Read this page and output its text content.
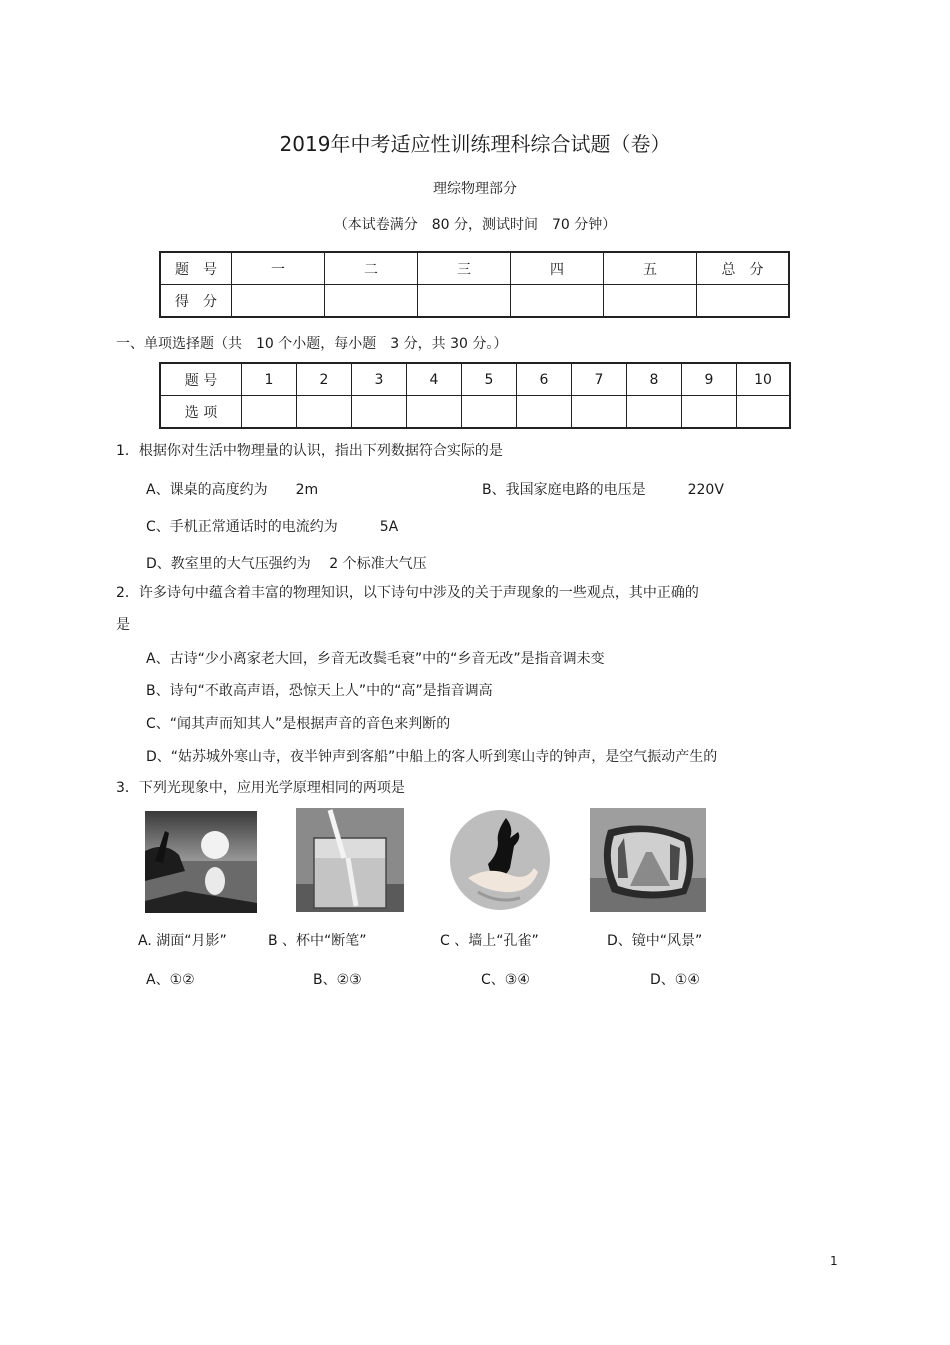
2019年中考适应性训练理科综合试题（卷）
理综物理部分
（本试卷满分　80 分，测试时间　70 分钟）
题　号	一	二	三	四	五	总　分
得　分						
一、单项选择题（共　10 个小题，每小题　3 分，共 30 分。）
题 号	1	2	3	4	5	6	7	8	9	10
选 项										
1．根据你对生活中物理量的认识，指出下列数据符合实际的是
A、课桌的高度约为　　2m	B、我国家庭电路的电压是　　　220V
C、手机正常通话时的电流约为　　　5A
D、教室里的大气压强约为　 2 个标准大气压
2．许多诗句中蕴含着丰富的物理知识，以下诗句中涉及的关于声现象的一些观点，其中正确的
是
A、古诗“少小离家老大回，乡音无改鬓毛衰”中的“乡音无改”是指音调未变
B、诗句“不敢高声语，恐惊天上人”中的“高”是指音调高
C、“闻其声而知其人”是根据声音的音色来判断的
D、“姑苏城外寒山寺，夜半钟声到客船”中船上的客人听到寒山寺的钟声，是空气振动产生的
3．下列光现象中，应用光学原理相同的两项是
A. 湖面“月影”	B 、杯中“断笔”	C 、墙上“孔雀”	D、镜中“风景”
A、①②	B、②③	C、③④	D、①④
1
